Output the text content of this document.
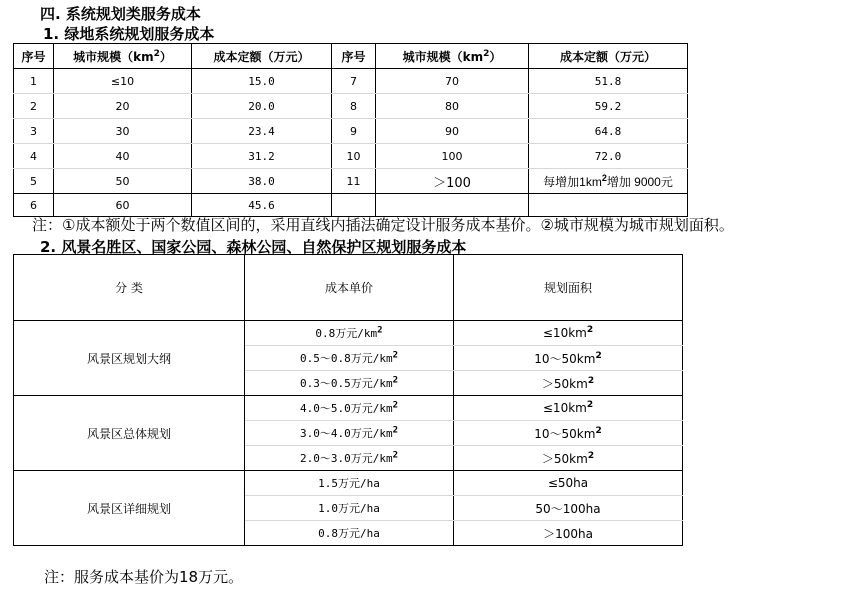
四. 系统规划类服务成本
1. 绿地系统规划服务成本
序号	城市规模$(km^2)$	成本定额（万元）	序号	城市规模$(km^2)$	成本定额（万元）
1	≤10	15.0	7	70	51.8
2	20	20.0	8	80	59.2
3	30	23.4	9	90	64.8
4	40	31.2	10	100	72.0
5	50	38.0	11	＞100	每增加$1km^2$增加 9000元
6	60	45.6			
注：①成本额处于两个数值区间的，采用直线内插法确定设计服务成本基价。②城市规模为城市规划面积。
2. 风景名胜区、国家公园、森林公园、自然保护区规划服务成本
分 类	成本单价	规划面积
风景区规划大纲	0.8万元$/km^2$	$\le 10km^2$
	0.5～0.8万元$/km^2$	$10\sim 50km^2$
	0.3～0.5万元$/km^2$	$>50km^2$
风景区总体规划	4.0～5.0万元$/km^2$	$\le 10km^2$
	3.0～4.0万元$/km^2$	$10\sim 50km^2$
	2.0～3.0万元$/km^2$	$>50km^2$
风景区详细规划	1.5万元/ha	≤50ha
	1.0万元/ha	50～100ha
	0.8万元/ha	＞100ha
注：服务成本基价为18万元。
